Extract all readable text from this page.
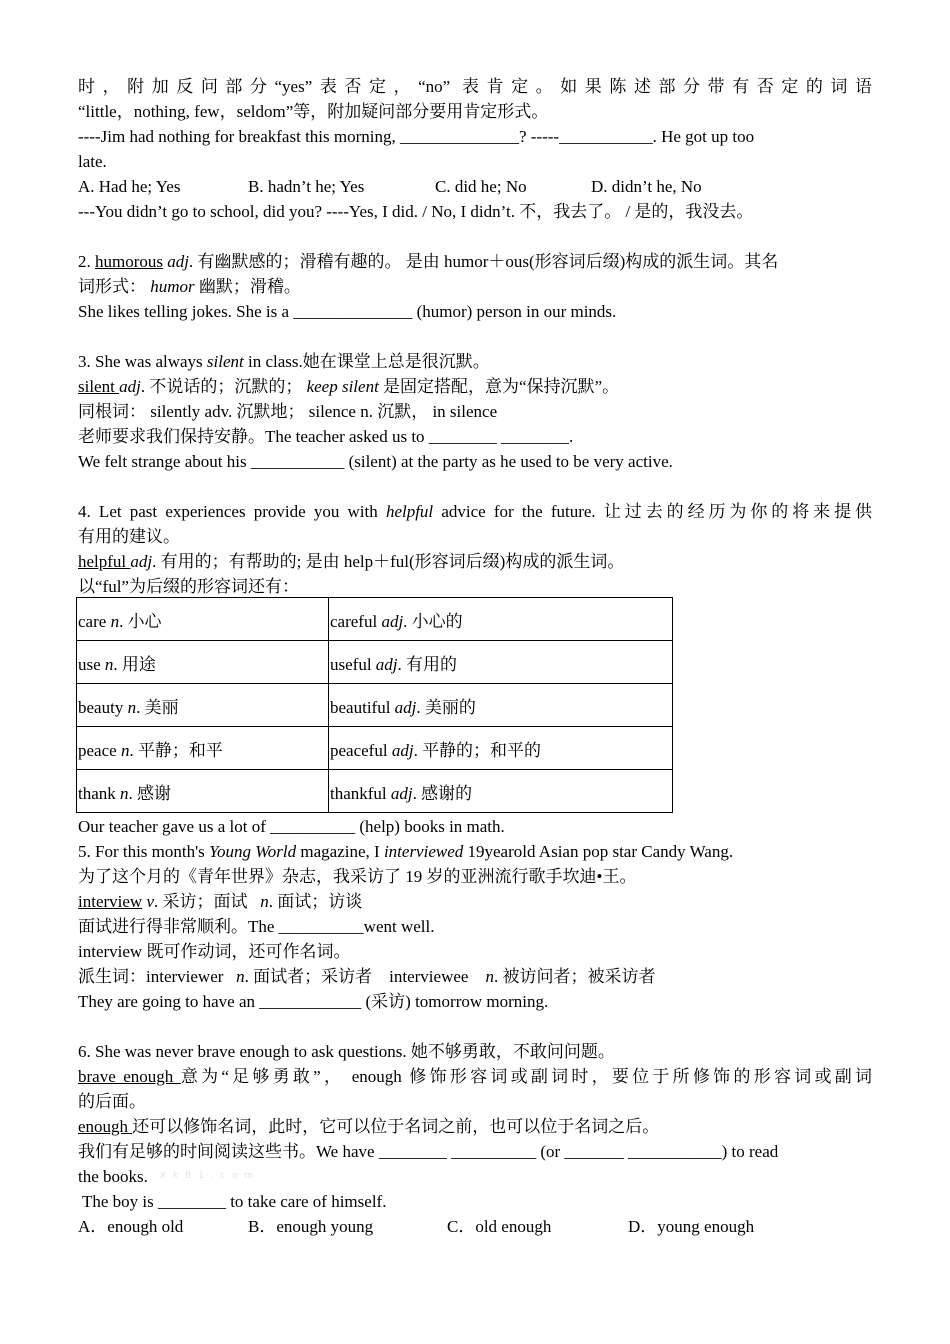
时，附加反问部分“yes”表否定，“no” 表肯定。如果陈述部分带有否定的词语
“little，nothing, few，seldom”等，附加疑问部分要用肯定形式。
----Jim had nothing for breakfast this morning, ______________? -----___________. He got up too
late.
A. Had he; Yes	B. hadn’t he; Yes	C. did he; No	D. didn’t he, No
---You didn’t go to school, did you? ----Yes, I did. / No, I didn’t. 不，我去了。 / 是的，我没去。
2. humorous adj. 有幽默感的；滑稽有趣的。 是由 humor＋ous(形容词后缀)构成的派生词。其名
词形式： humor 幽默；滑稽。
She likes telling jokes. She is a ______________ (humor) person in our minds.
3. She was always silent in class.她在课堂上总是很沉默。
silent adj. 不说话的；沉默的； keep silent 是固定搭配，意为“保持沉默”。
同根词： silently adv. 沉默地； silence n. 沉默， in silence
老师要求我们保持安静。The teacher asked us to ________ ________.
We felt strange about his ___________ (silent) at the party as he used to be very active.
4. Let past experiences provide you with helpful advice for the future. 让过去的经历为你的将来提供
有用的建议。
helpful adj. 有用的；有帮助的; 是由 help＋ful(形容词后缀)构成的派生词。
以“ful”为后缀的形容词还有：
care n. 小心	careful adj. 小心的
use n. 用途	useful adj. 有用的
beauty n. 美丽	beautiful adj. 美丽的
peace n. 平静；和平	peaceful adj. 平静的；和平的
thank n. 感谢	thankful adj. 感谢的
Our teacher gave us a lot of __________ (help) books in math.
5. For this month's Young World magazine, I interviewed 19yearold Asian pop star Candy Wang.
为了这个月的《青年世界》杂志，我采访了 19 岁的亚洲流行歌手坎迪•王。
interview v. 采访；面试   n. 面试；访谈
面试进行得非常顺利。The __________went well.
interview 既可作动词，还可作名词。
派生词：interviewer   n. 面试者；采访者    interviewee    n. 被访问者；被采访者
They are going to have an ____________ (采访) tomorrow morning.
6. She was never brave enough to ask questions. 她不够勇敢，不敢问问题。
brave enough 意为“足够勇敢”， enough 修饰形容词或副词时，要位于所修饰的形容词或副词
的后面。
enough 还可以修饰名词，此时，它可以位于名词之前，也可以位于名词之后。
我们有足够的时间阅读这些书。We have ________ __________ (or _______ ___________) to read
the books.	X k B 1 . c o m
The boy is ________ to take care of himself.
A．enough old	B．enough young	C．old enough	D．young enough
